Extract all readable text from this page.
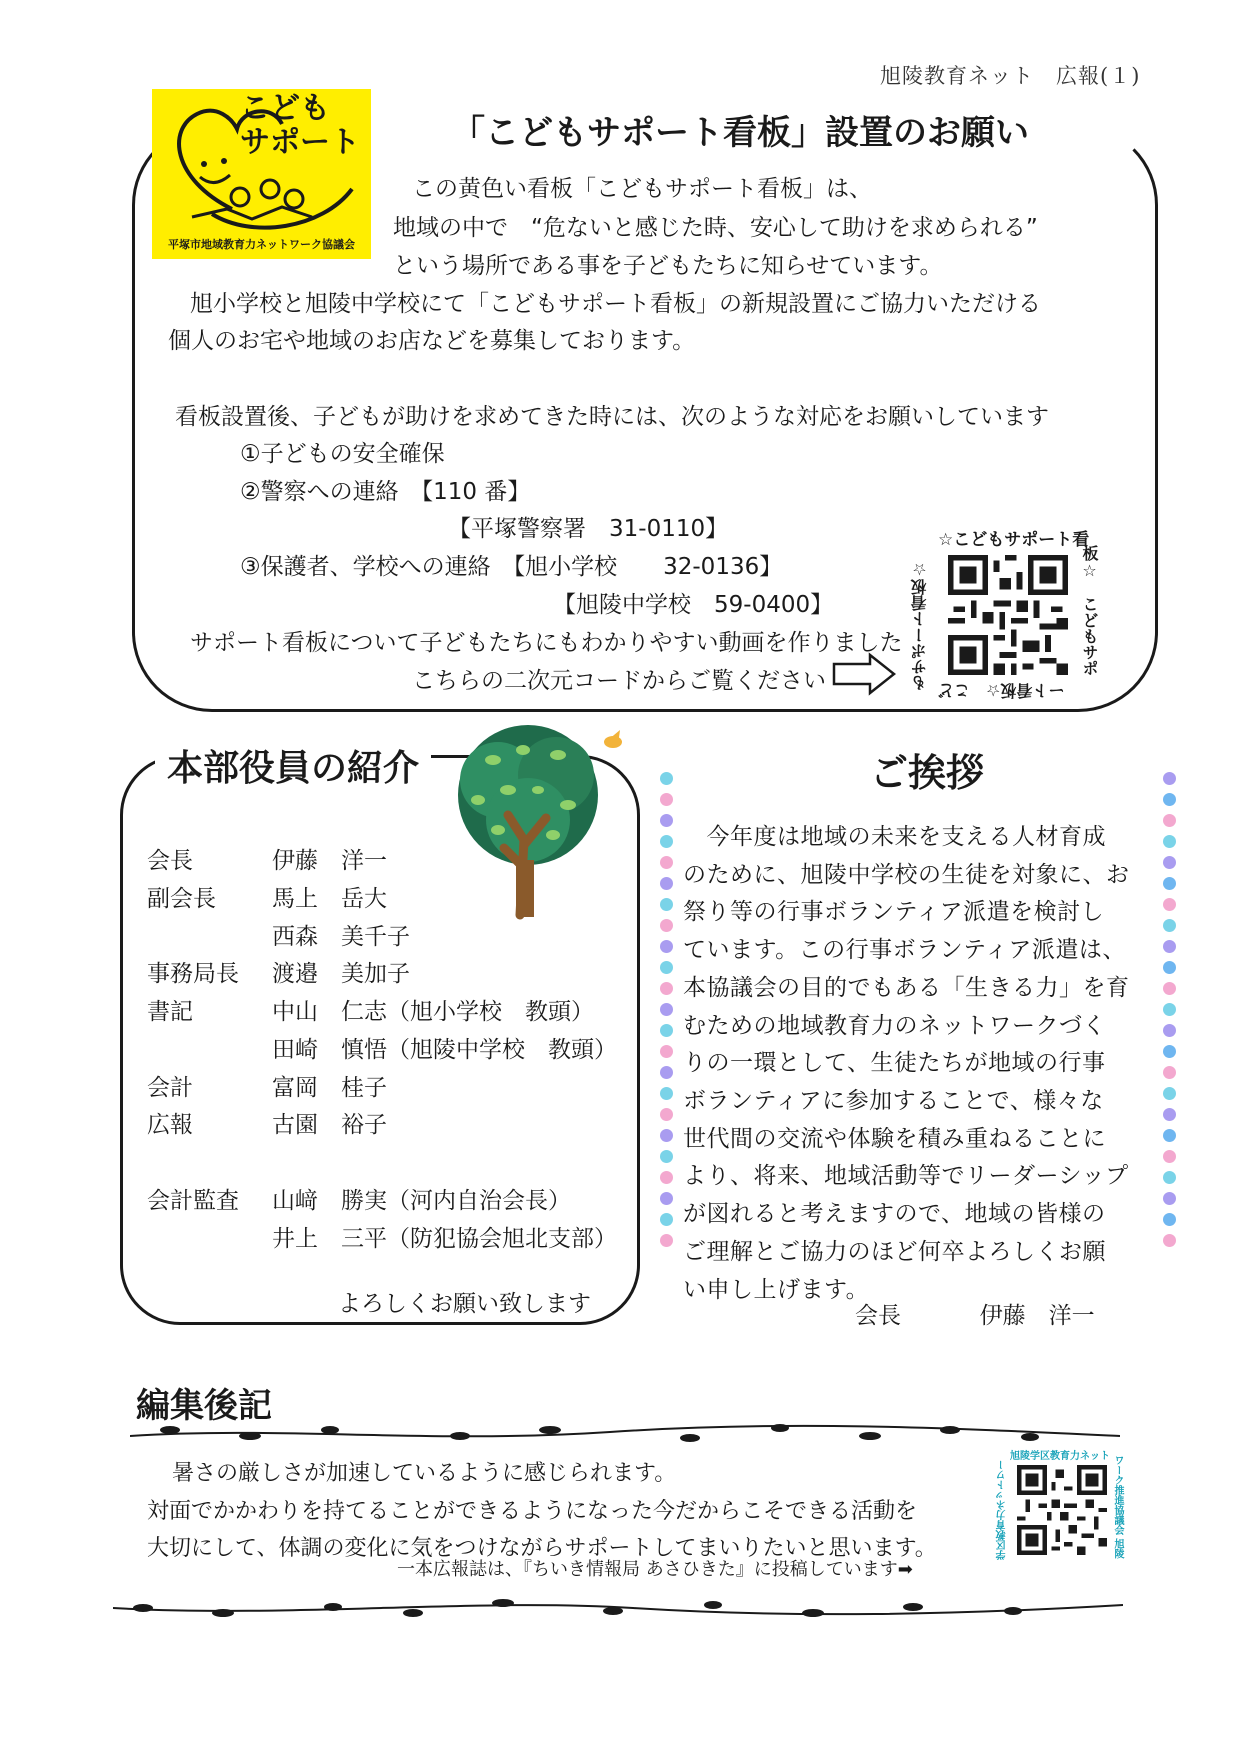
旭陵教育ネット　広報(１)
こども
サポート
平塚市地域教育力ネットワーク協議会
「こどもサポート看板」設置のお願い
この黄色い看板「こどもサポート看板」は、
地域の中で　“危ないと感じた時、安心して助けを求められる”
という場所である事を子どもたちに知らせています。
旭小学校と旭陵中学校にて「こどもサポート看板」の新規設置にご協力いただける
個人のお宅や地域のお店などを募集しております。
看板設置後、子どもが助けを求めてきた時には、次のような対応をお願いしています
①子どもの安全確保
②警察への連絡　【110 番】
【平塚警察署　31-0110】
③保護者、学校への連絡　【旭小学校　　32-0136】
【旭陵中学校　59-0400】
サポート看板について子どもたちにもわかりやすい動画を作りました
こちらの二次元コードからご覧ください
☆こどもサポート看
板☆　こどもサポ
もサポート看板☆ ート看板☆　こど
本部役員の紹介
会長	伊藤　洋一
副会長 馬上　岳大
西森　美千子
事務局長 渡邉　美加子
書記	中山　仁志（旭小学校　教頭）
田崎　慎悟（旭陵中学校　教頭）
会計	富岡　桂子
広報	古園　裕子
会計監査 山﨑　勝実（河内自治会長）
井上　三平（防犯協会旭北支部）
よろしくお願い致します
ご挨拶
　今年度は地域の未来を支える人材育成
のために、旭陵中学校の生徒を対象に、お
祭り等の行事ボランティア派遣を検討し
ています。この行事ボランティア派遣は、
本協議会の目的でもある「生きる力」を育
むための地域教育力のネットワークづく
りの一環として、生徒たちが地域の行事
ボランティアに参加することで、様々な
世代間の交流や体験を積み重ねることに
より、将来、地域活動等でリーダーシップ
が図れると考えますので、地域の皆様の
ご理解とご協力のほど何卒よろしくお願
い申し上げます。
会長	伊藤　洋一
編集後記
　暑さの厳しさが加速しているように感じられます。
対面でかかわりを持てることができるようになった今だからこそできる活動を
大切にして、体調の変化に気をつけながらサポートしてまいりたいと思います。
一本広報誌は、『ちいき情報局 あさひきた』に投稿しています➡
旭陵学区教育力ネット ワーク推進協議会 旭陵
学区教育力ネットワー
